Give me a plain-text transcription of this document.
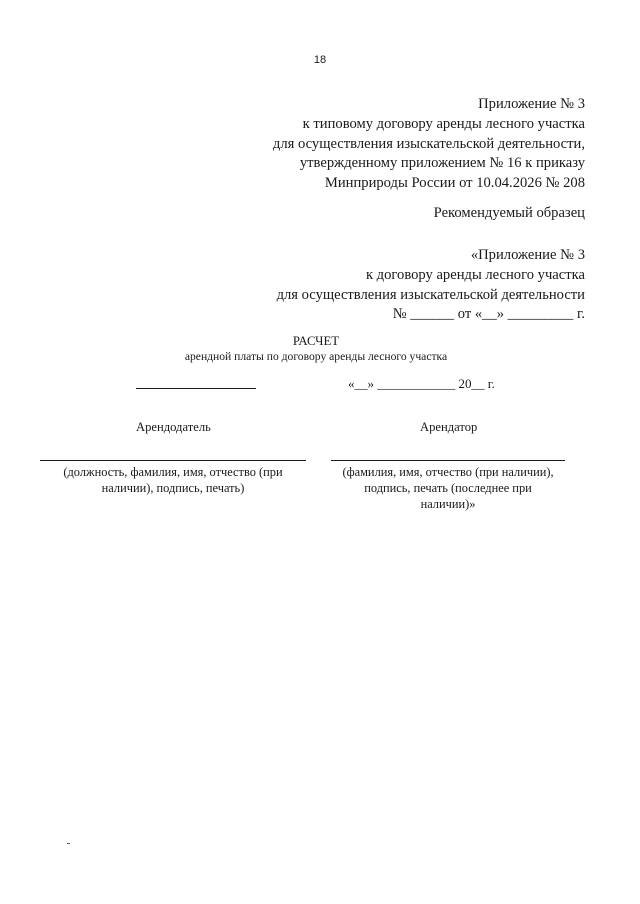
18
Приложение № 3
к типовому договору аренды лесного участка
для осуществления изыскательской деятельности,
утвержденному приложением № 16 к приказу
Минприроды России от 10.04.2026 № 208
Рекомендуемый образец
«Приложение № 3
к договору аренды лесного участка
для осуществления изыскательской деятельности
№ ______ от «__» _________ г.
РАСЧЕТ
арендной платы по договору аренды лесного участка
«__» ____________ 20__ г.
Арендодатель	Арендатор
(должность, фамилия, имя, отчество (при
наличии), подпись, печать)
(фамилия, имя, отчество (при наличии),
подпись, печать (последнее при
наличии)»
